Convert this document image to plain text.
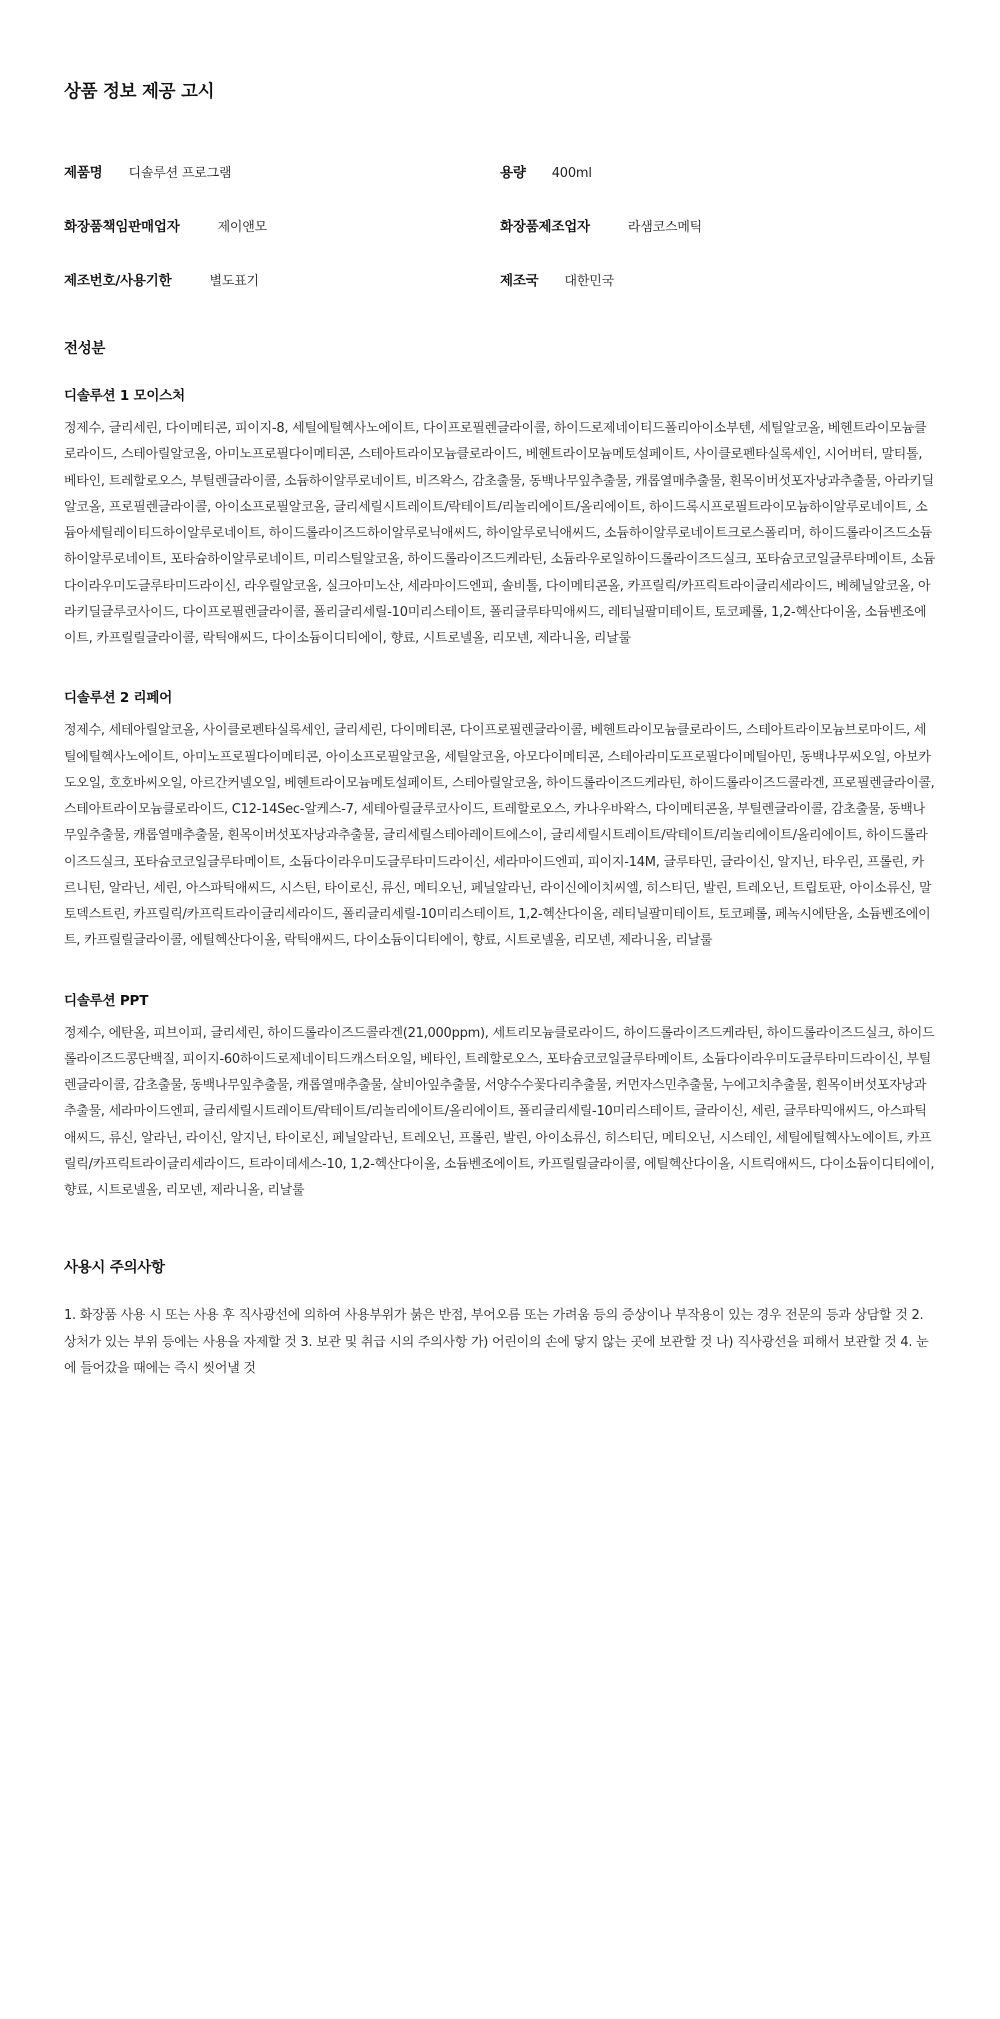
상품 정보 제공 고시
제품명 디솔루션 프로그램	용량 400ml
화장품책임판매업자	제이앤모	화장품제조업자	라샘코스메틱
제조번호/사용기한	별도표기	제조국 대한민국
전성분
디솔루션 1 모이스처

정제수, 글리세린, 다이메티콘, 피이지-8, 세틸에틸헥사노에이트, 다이프로필렌글라이콜, 하이드로제네이티드폴리아이소부텐, 세틸알코올, 베헨트라이모늄클로라이드, 스테아릴알코올, 아미노프로필다이메티콘, 스테아트라이모늄클로라이드, 베헨트라이모늄메토설페이트, 사이클로펜타실록세인, 시어버터, 말티톨, 베타인, 트레할로오스, 부틸렌글라이콜, 소듐하이알루로네이트, 비즈왁스, 감초출물, 동백나무잎추출물, 캐롭열매추출물, 흰목이버섯포자낭과추출물, 아라키딜알코올, 프로필렌글라이콜, 아이소프로필알코올, 글리세릴시트레이트/락테이트/리놀리에이트/올리에이트, 하이드록시프로필트라이모늄하이알루로네이트, 소듐아세틸레이티드하이알루로네이트, 하이드롤라이즈드하이알루로닉애씨드, 하이알루로닉애씨드, 소듐하이알루로네이트크로스폴리머, 하이드롤라이즈드소듐하이알루로네이트, 포타슘하이알루로네이트, 미리스틸알코올, 하이드롤라이즈드케라틴, 소듐라우로일하이드롤라이즈드실크, 포타슘코코일글루타메이트, 소듐다이라우미도글루타미드라이신, 라우릴알코올, 실크아미노산, 세라마이드엔피, 솔비톨, 다이메티콘올, 카프릴릭/카프릭트라이글리세라이드, 베헤닐알코올, 아라키딜글루코사이드, 다이프로필렌글라이콜, 폴리글리세릴-10미리스테이트, 폴리글루타믹애씨드, 레티닐팔미테이트, 토코페롤, 1,2-헥산다이올, 소듐벤조에이트, 카프릴릴글라이콜, 락틱애씨드, 다이소듐이디티에이, 향료, 시트로넬올, 리모넨, 제라니올, 리날룰

디솔루션 2 리페어

정제수, 세테아릴알코올, 사이클로펜타실록세인, 글리세린, 다이메티콘, 다이프로필렌글라이콜, 베헨트라이모늄클로라이드, 스테아트라이모늄브로마이드, 세틸에틸헥사노에이트, 아미노프로필다이메티콘, 아이소프로필알코올, 세틸알코올, 아모다이메티콘, 스테아라미도프로필다이메틸아민, 동백나무씨오일, 아보카도오일, 호호바씨오일, 아르간커넬오일, 베헨트라이모늄메토설페이트, 스테아릴알코올, 하이드롤라이즈드케라틴, 하이드롤라이즈드콜라겐, 프로필렌글라이콜, 스테아트라이모늄클로라이드, C12-14Sec-알케스-7, 세테아릴글루코사이드, 트레할로오스, 카나우바왁스, 다이메티콘올, 부틸렌글라이콜, 감초출물, 동백나무잎추출물, 캐롭열매추출물, 흰목이버섯포자낭과추출물, 글리세릴스테아레이트에스이, 글리세릴시트레이트/락테이트/리놀리에이트/올리에이트, 하이드롤라이즈드실크, 포타슘코코일글루타메이트, 소듐다이라우미도글루타미드라이신, 세라마이드엔피, 피이지-14M, 글루타민, 글라이신, 알지닌, 타우린, 프롤린, 카르니틴, 알라닌, 세린, 아스파틱애씨드, 시스틴, 타이로신, 류신, 메티오닌, 페닐알라닌, 라이신에이치씨엘, 히스티딘, 발린, 트레오닌, 트립토판, 아이소류신, 말토덱스트린, 카프릴릭/카프릭트라이글리세라이드, 폴리글리세릴-10미리스테이트, 1,2-헥산다이올, 레티닐팔미테이트, 토코페롤, 페녹시에탄올, 소듐벤조에이트, 카프릴릴글라이콜, 에틸헥산다이올, 락틱애씨드, 다이소듐이디티에이, 향료, 시트로넬올, 리모넨, 제라니올, 리날룰

디솔루션 PPT

정제수, 에탄올, 피브이피, 글리세린, 하이드롤라이즈드콜라겐(21,000ppm), 세트리모늄클로라이드, 하이드롤라이즈드케라틴, 하이드롤라이즈드실크, 하이드롤라이즈드콩단백질, 피이지-60하이드로제네이티드캐스터오일, 베타인, 트레할로오스, 포타슘코코일글루타메이트, 소듐다이라우미도글루타미드라이신, 부틸렌글라이콜, 감초출물, 동백나무잎추출물, 캐롭열매추출물, 살비아잎추출물, 서양수수꽃다리추출물, 커먼자스민추출물, 누에고치추출물, 흰목이버섯포자낭과추출물, 세라마이드엔피, 글리세릴시트레이트/락테이트/리놀리에이트/올리에이트, 폴리글리세릴-10미리스테이트, 글라이신, 세린, 글루타믹애씨드, 아스파틱애씨드, 류신, 알라닌, 라이신, 알지닌, 타이로신, 페닐알라닌, 트레오닌, 프롤린, 발린, 아이소류신, 히스티딘, 메티오닌, 시스테인, 세틸에틸헥사노에이트, 카프릴릭/카프릭트라이글리세라이드, 트라이데세스-10, 1,2-헥산다이올, 소듐벤조에이트, 카프릴릴글라이콜, 에틸헥산다이올, 시트릭애씨드, 다이소듐이디티에이, 향료, 시트로넬올, 리모넨, 제라니올, 리날룰

사용시 주의사항

1. 화장품 사용 시 또는 사용 후 직사광선에 의하여 사용부위가 붉은 반점, 부어오름 또는 가려움 등의 증상이나 부작용이 있는 경우 전문의 등과 상담할 것 2. 상처가 있는 부위 등에는 사용을 자제할 것 3. 보관 및 취급 시의 주의사항 가) 어린이의 손에 닿지 않는 곳에 보관할 것 나) 직사광선을 피해서 보관할 것 4. 눈에 들어갔을 때에는 즉시 씻어낼 것
